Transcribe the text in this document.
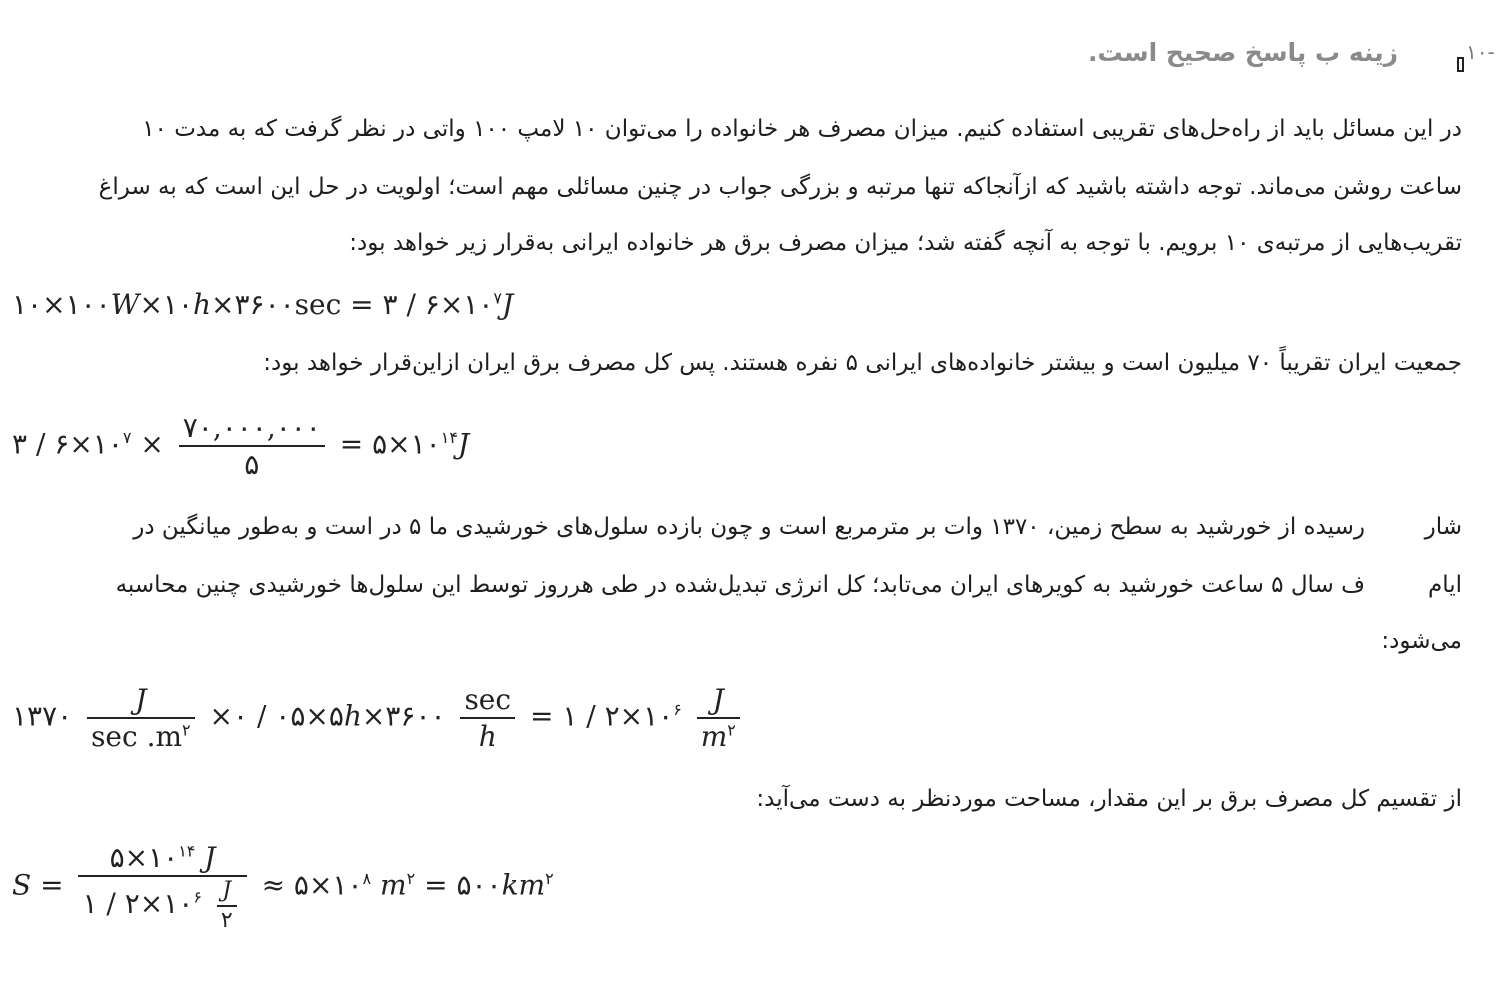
۱۰-
زینه ب پاسخ صحیح است.
در این مسائل باید از راه‌حل‌های تقریبی استفاده کنیم. میزان مصرف هر خانواده را می‌توان ۱۰ لامپ ۱۰۰ واتی در نظر گرفت که به مدت ۱۰
ساعت روشن می‌ماند. توجه داشته باشید که ازآنجاکه تنها مرتبه و بزرگی جواب در چنین مسائلی مهم است؛ اولویت در حل این است که به سراغ
تقریب‌هایی از مرتبه‌ی ۱۰ برویم. با توجه به آنچه گفته شد؛ میزان مصرف برق هر خانواده ایرانی به‌قرار زیر خواهد بود:
۱۰×۱۰۰W×۱۰h×۳۶۰۰sec = ۳ / $۶\times ۱۰^۷J$
جمعیت ایران تقریباً ۷۰ میلیون است و بیشتر خانواده‌های ایرانی ۵ نفره هستند. پس کل مصرف برق ایران ازاین‌قرار خواهد بود:
۳ / $۶\times ۱۰^۷ \times \frac{۷۰,۰۰۰,۰۰۰}{۵}$ = $۵\times ۱۰^{۱۴}J$
شار
رسیده از خورشید به سطح زمین، ۱۳۷۰ وات بر مترمربع است و چون بازده سلول‌های خورشیدی ما ۵ در است و به‌طور میانگین در
ایام
ف سال ۵ ساعت خورشید به کویرهای ایران می‌تابد؛ کل انرژی تبدیل‌شده در طی هرروز توسط این سلول‌ها خورشیدی چنین محاسبه
می‌شود:
۱۳۷۰ $\frac{J}{\sec .m^۲}$ ×۰ / ۰۵×۵h×۳۶۰۰ $\frac{\sec}{h}$ = ۱ / $۲\times ۱۰^۶ \frac{J}{m^۲}$
از تقسیم کل مصرف برق بر این مقدار، مساحت موردنظر به دست می‌آید:
$S = \frac{۵\times ۱۰^{۱۴} J}{۱ / ۲\times ۱۰^۶ \frac{J}{۲}}$ ≈ $۵\times ۱۰^۸$ $m^۲$ = $۵۰۰km^۲$
